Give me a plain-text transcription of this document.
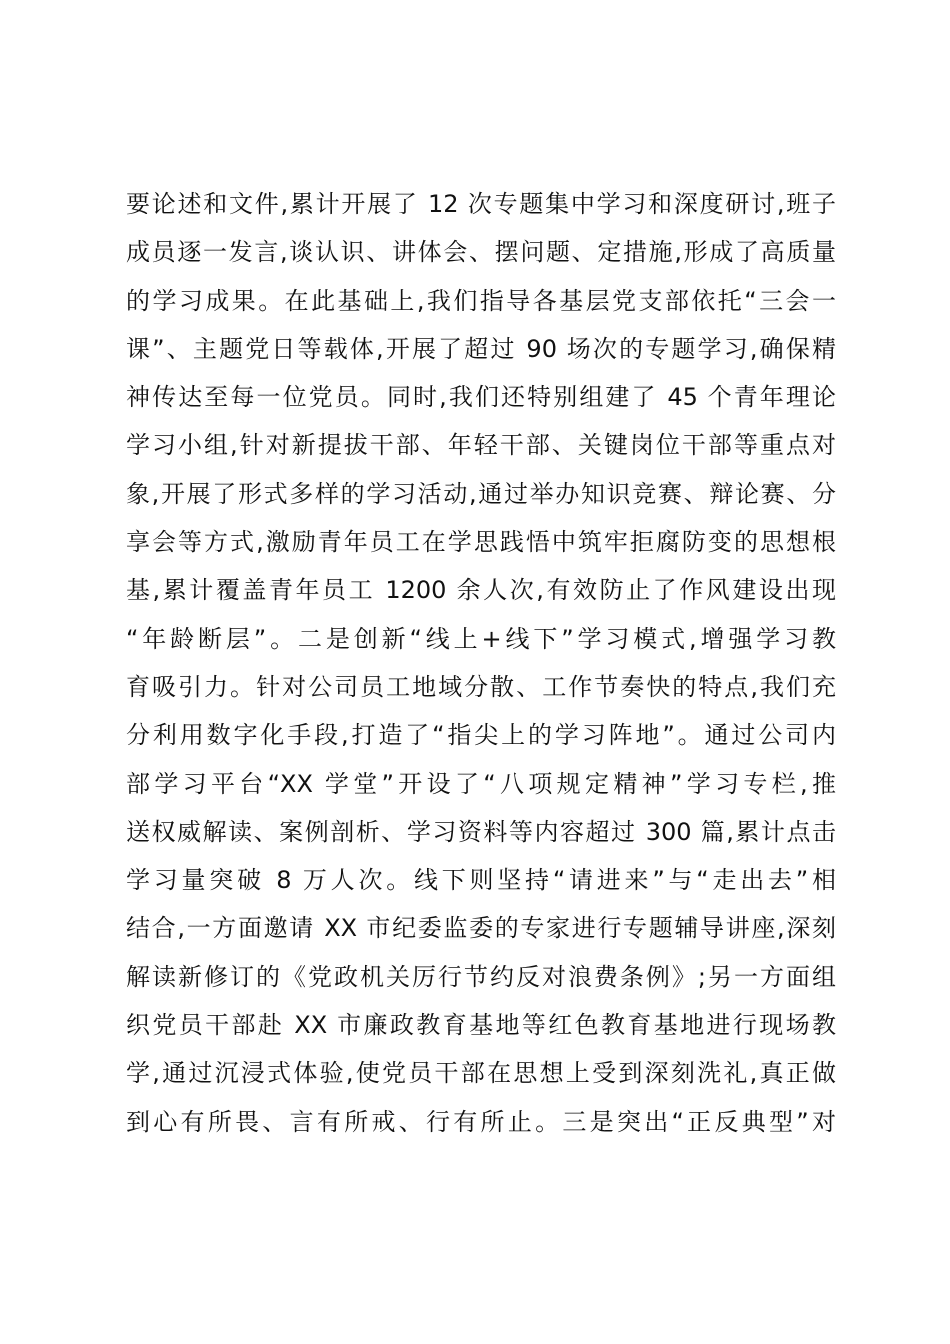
要论述和文件,累计开展了 12 次专题集中学习和深度研讨,班子
成员逐一发言,谈认识、讲体会、摆问题、定措施,形成了高质量
的学习成果。在此基础上,我们指导各基层党支部依托“三会一
课”、主题党日等载体,开展了超过 90 场次的专题学习,确保精
神传达至每一位党员。同时,我们还特别组建了 45 个青年理论
学习小组,针对新提拔干部、年轻干部、关键岗位干部等重点对
象,开展了形式多样的学习活动,通过举办知识竞赛、辩论赛、分
享会等方式,激励青年员工在学思践悟中筑牢拒腐防变的思想根
基,累计覆盖青年员工 1200 余人次,有效防止了作风建设出现
“年龄断层”。二是创新“线上+线下”学习模式,增强学习教
育吸引力。针对公司员工地域分散、工作节奏快的特点,我们充
分利用数字化手段,打造了“指尖上的学习阵地”。通过公司内
部学习平台“XX 学堂”开设了“八项规定精神”学习专栏,推
送权威解读、案例剖析、学习资料等内容超过 300 篇,累计点击
学习量突破 8 万人次。线下则坚持“请进来”与“走出去”相
结合,一方面邀请 XX 市纪委监委的专家进行专题辅导讲座,深刻
解读新修订的《党政机关厉行节约反对浪费条例》;另一方面组
织党员干部赴 XX 市廉政教育基地等红色教育基地进行现场教
学,通过沉浸式体验,使党员干部在思想上受到深刻洗礼,真正做
到心有所畏、言有所戒、行有所止。三是突出“正反典型”对
